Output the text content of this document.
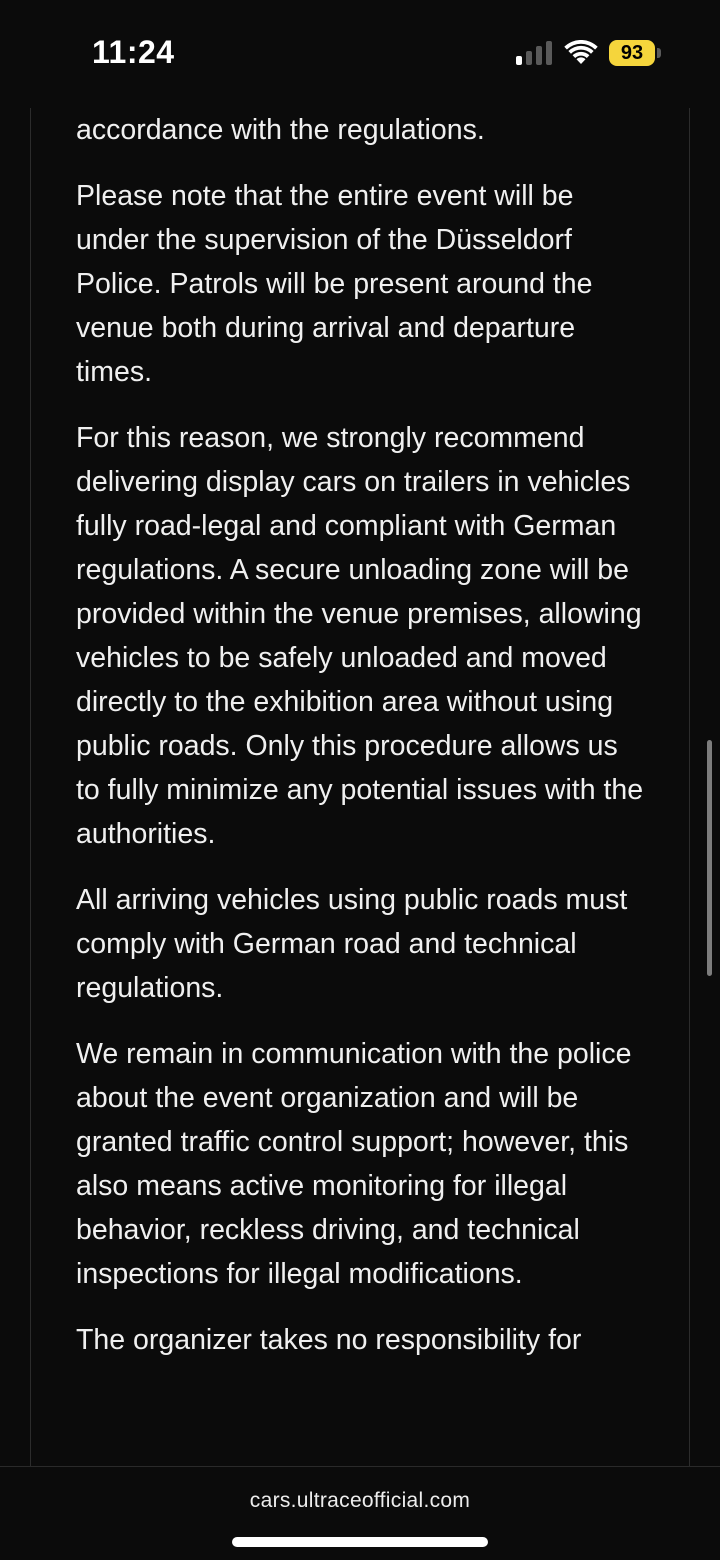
11:24	93

accordance with the regulations.

Please note that the entire event will be under the supervision of the Düsseldorf Police. Patrols will be present around the venue both during arrival and departure times.

For this reason, we strongly recommend delivering display cars on trailers in vehicles fully road-legal and compliant with German regulations. A secure unloading zone will be provided within the venue premises, allowing vehicles to be safely unloaded and moved directly to the exhibition area without using public roads. Only this procedure allows us to fully minimize any potential issues with the authorities.

All arriving vehicles using public roads must comply with German road and technical regulations.

We remain in communication with the police about the event organization and will be granted traffic control support; however, this also means active monitoring for illegal behavior, reckless driving, and technical inspections for illegal modifications.

The organizer takes no responsibility for

cars.ultraceofficial.com
